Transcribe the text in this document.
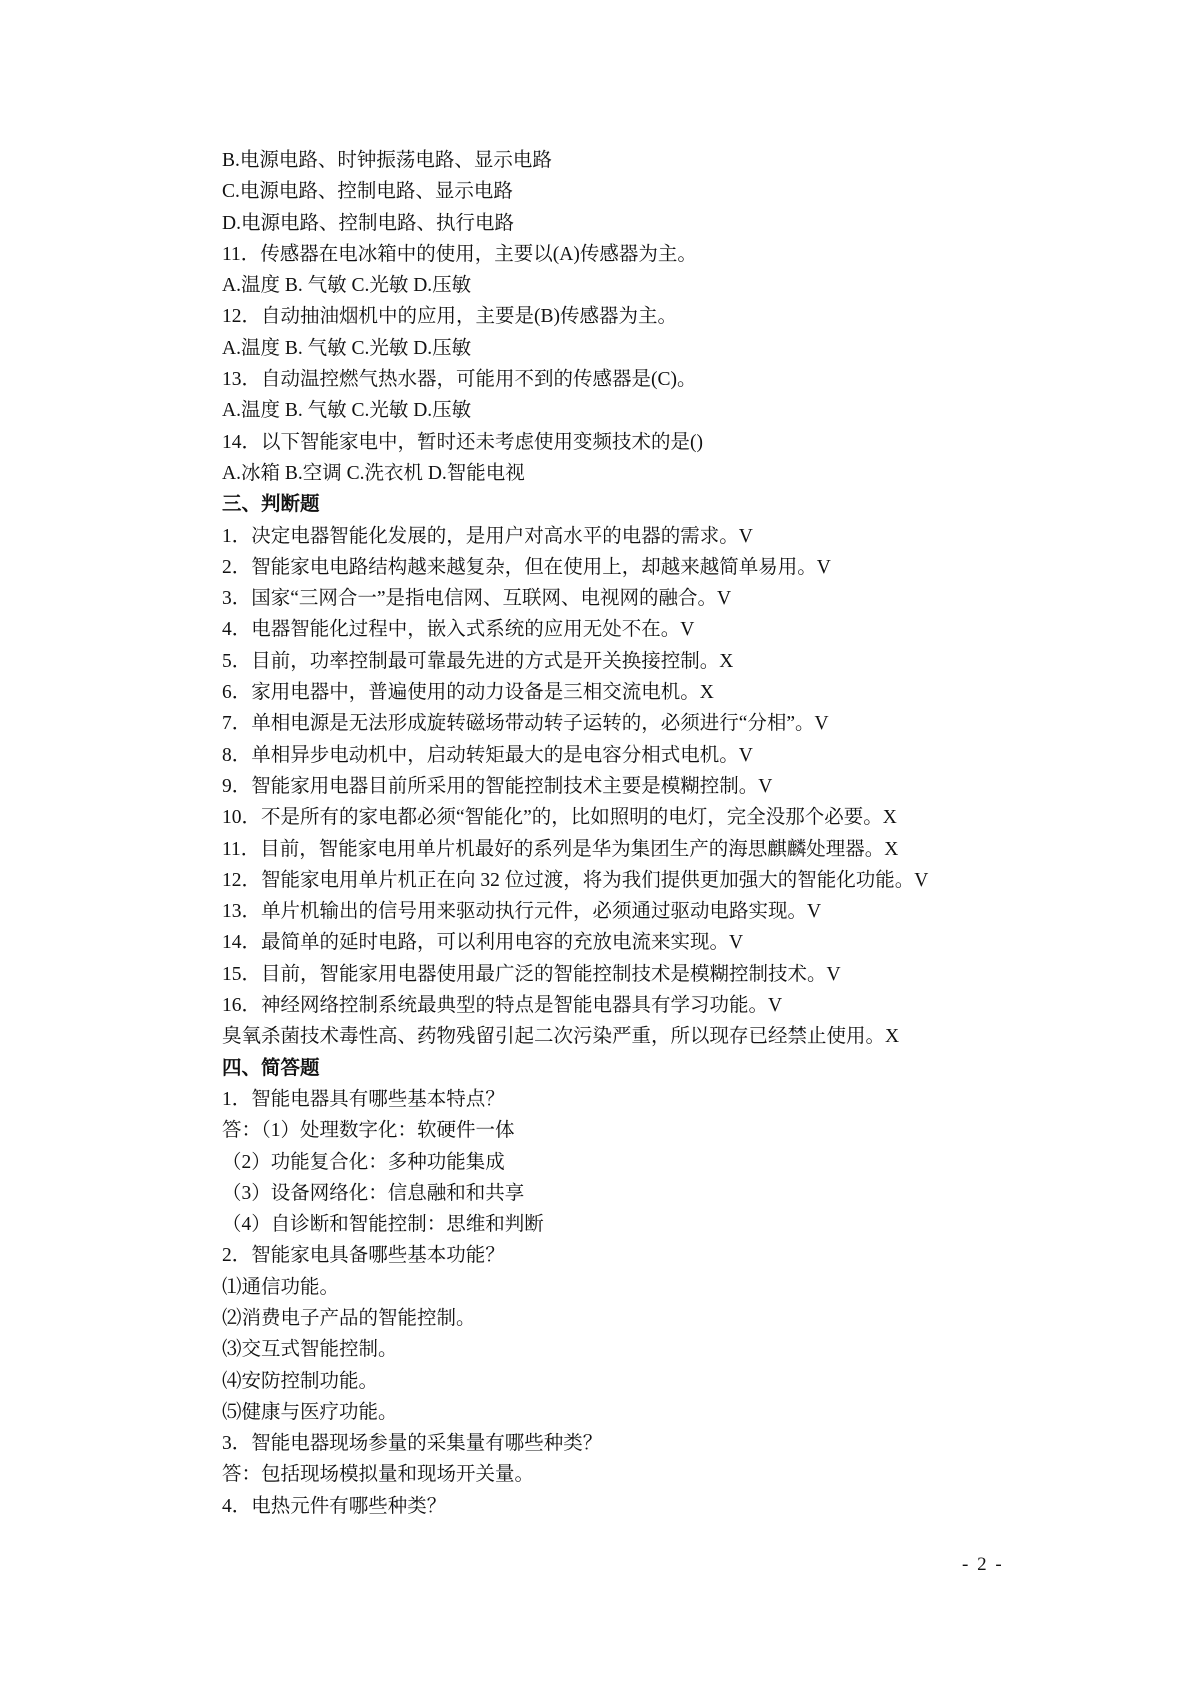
B.电源电路、时钟振荡电路、显示电路
C.电源电路、控制电路、显示电路
D.电源电路、控制电路、执行电路
11．传感器在电冰箱中的使用，主要以(A)传感器为主。
A.温度 B. 气敏 C.光敏 D.压敏
12．自动抽油烟机中的应用，主要是(B)传感器为主。
A.温度 B. 气敏 C.光敏 D.压敏
13．自动温控燃气热水器，可能用不到的传感器是(C)。
A.温度 B. 气敏 C.光敏 D.压敏
14．以下智能家电中，暂时还未考虑使用变频技术的是()
A.冰箱 B.空调 C.洗衣机 D.智能电视
三、判断题
1．决定电器智能化发展的，是用户对高水平的电器的需求。V
2．智能家电电路结构越来越复杂，但在使用上，却越来越简单易用。V
3．国家“三网合一”是指电信网、互联网、电视网的融合。V
4．电器智能化过程中，嵌入式系统的应用无处不在。V
5．目前，功率控制最可靠最先进的方式是开关换接控制。X
6．家用电器中，普遍使用的动力设备是三相交流电机。X
7．单相电源是无法形成旋转磁场带动转子运转的，必须进行“分相”。V
8．单相异步电动机中，启动转矩最大的是电容分相式电机。V
9．智能家用电器目前所采用的智能控制技术主要是模糊控制。V
10．不是所有的家电都必须“智能化”的，比如照明的电灯，完全没那个必要。X
11．目前，智能家电用单片机最好的系列是华为集团生产的海思麒麟处理器。X
12．智能家电用单片机正在向 32 位过渡，将为我们提供更加强大的智能化功能。V
13．单片机输出的信号用来驱动执行元件，必须通过驱动电路实现。V
14．最简单的延时电路，可以利用电容的充放电流来实现。V
15．目前，智能家用电器使用最广泛的智能控制技术是模糊控制技术。V
16．神经网络控制系统最典型的特点是智能电器具有学习功能。V
臭氧杀菌技术毒性高、药物残留引起二次污染严重，所以现存已经禁止使用。X
四、简答题
1．智能电器具有哪些基本特点？
答：（1）处理数字化：软硬件一体
（2）功能复合化：多种功能集成
（3）设备网络化：信息融和和共享
（4）自诊断和智能控制：思维和判断
2．智能家电具备哪些基本功能？
⑴通信功能。
⑵消费电子产品的智能控制。
⑶交互式智能控制。
⑷安防控制功能。
⑸健康与医疗功能。
3．智能电器现场参量的采集量有哪些种类？
答：包括现场模拟量和现场开关量。
4．电热元件有哪些种类？
- 2 -
